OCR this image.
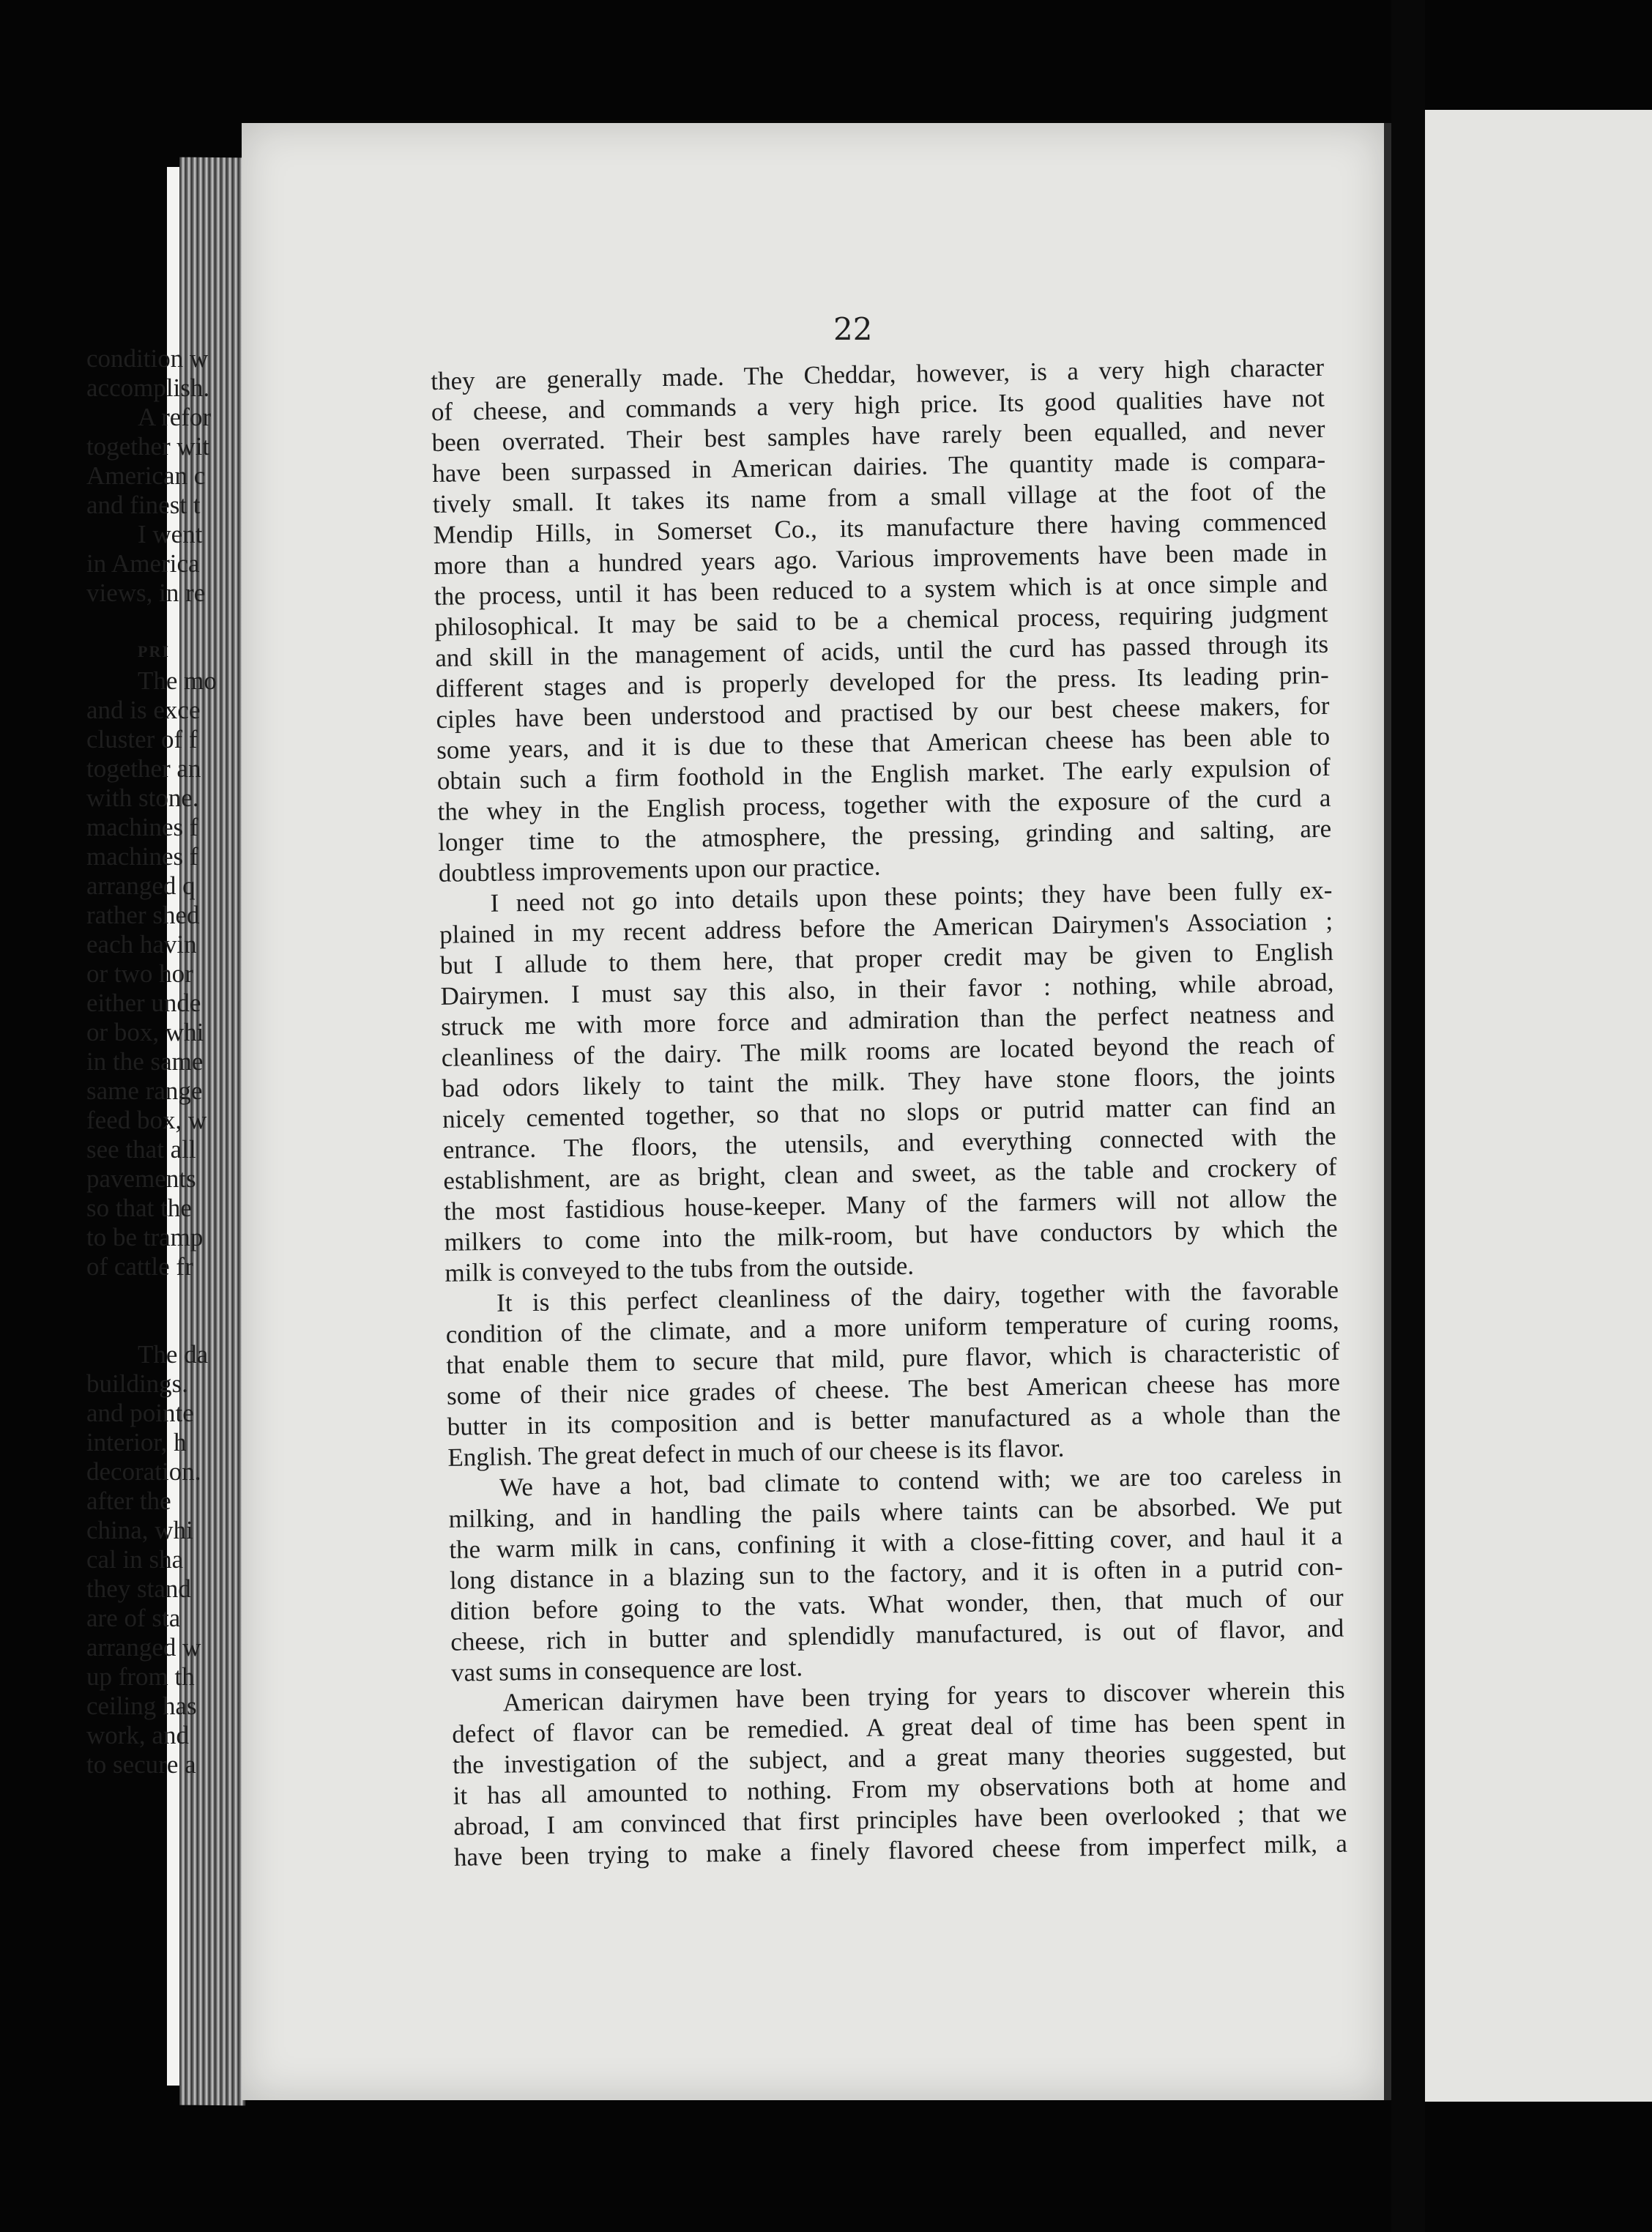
22
they are generally made. The Cheddar, however, is a very high character
of cheese, and commands a very high price. Its good qualities have not
been overrated. Their best samples have rarely been equalled, and never
have been surpassed in American dairies. The quantity made is compara-
tively small. It takes its name from a small village at the foot of the
Mendip Hills, in Somerset Co., its manufacture there having commenced
more than a hundred years ago. Various improvements have been made in
the process, until it has been reduced to a system which is at once simple and
philosophical. It may be said to be a chemical process, requiring judgment
and skill in the management of acids, until the curd has passed through its
different stages and is properly developed for the press. Its leading prin-
ciples have been understood and practised by our best cheese makers, for
some years, and it is due to these that American cheese has been able to
obtain such a firm foothold in the English market. The early expulsion of
the whey in the English process, together with the exposure of the curd a
longer time to the atmosphere, the pressing, grinding and salting, are
doubtless improvements upon our practice.
I need not go into details upon these points; they have been fully ex-
plained in my recent address before the American Dairymen's Association ;
but I allude to them here, that proper credit may be given to English
Dairymen. I must say this also, in their favor : nothing, while abroad,
struck me with more force and admiration than the perfect neatness and
cleanliness of the dairy. The milk rooms are located beyond the reach of
bad odors likely to taint the milk. They have stone floors, the joints
nicely cemented together, so that no slops or putrid matter can find an
entrance. The floors, the utensils, and everything connected with the
establishment, are as bright, clean and sweet, as the table and crockery of
the most fastidious house-keeper. Many of the farmers will not allow the
milkers to come into the milk-room, but have conductors by which the
milk is conveyed to the tubs from the outside.
It is this perfect cleanliness of the dairy, together with the favorable
condition of the climate, and a more uniform temperature of curing rooms,
that enable them to secure that mild, pure flavor, which is characteristic of
some of their nice grades of cheese. The best American cheese has more
butter in its composition and is better manufactured as a whole than the
English. The great defect in much of our cheese is its flavor.
We have a hot, bad climate to contend with; we are too careless in
milking, and in handling the pails where taints can be absorbed. We put
the warm milk in cans, confining it with a close-fitting cover, and haul it a
long distance in a blazing sun to the factory, and it is often in a putrid con-
dition before going to the vats. What wonder, then, that much of our
cheese, rich in butter and splendidly manufactured, is out of flavor, and
vast sums in consequence are lost.
American dairymen have been trying for years to discover wherein this
defect of flavor can be remedied. A great deal of time has been spent in
the investigation of the subject, and a great many theories suggested, but
it has all amounted to nothing. From my observations both at home and
abroad, I am convinced that first principles have been overlooked ; that we
have been trying to make a finely flavored cheese from imperfect milk, a
condition w
accomplish.
A refor
together wit
American c
and finest t
I went
in America
views, in re
PRI
The mo
and is exce
cluster of f
together an
with stone.
machines f
machines f
arranged q
rather shed
each havin
or two hor
either unde
or box, whi
in the same
same range
feed box, w
see that all
pavements
so that the
to be tramp
of cattle fr
The da
buildings.
and pointe
interior, h
decoration.
after the
china, whi
cal in sha
they stand
are of sta
arranged w
up from th
ceiling has
work, and
to secure a
